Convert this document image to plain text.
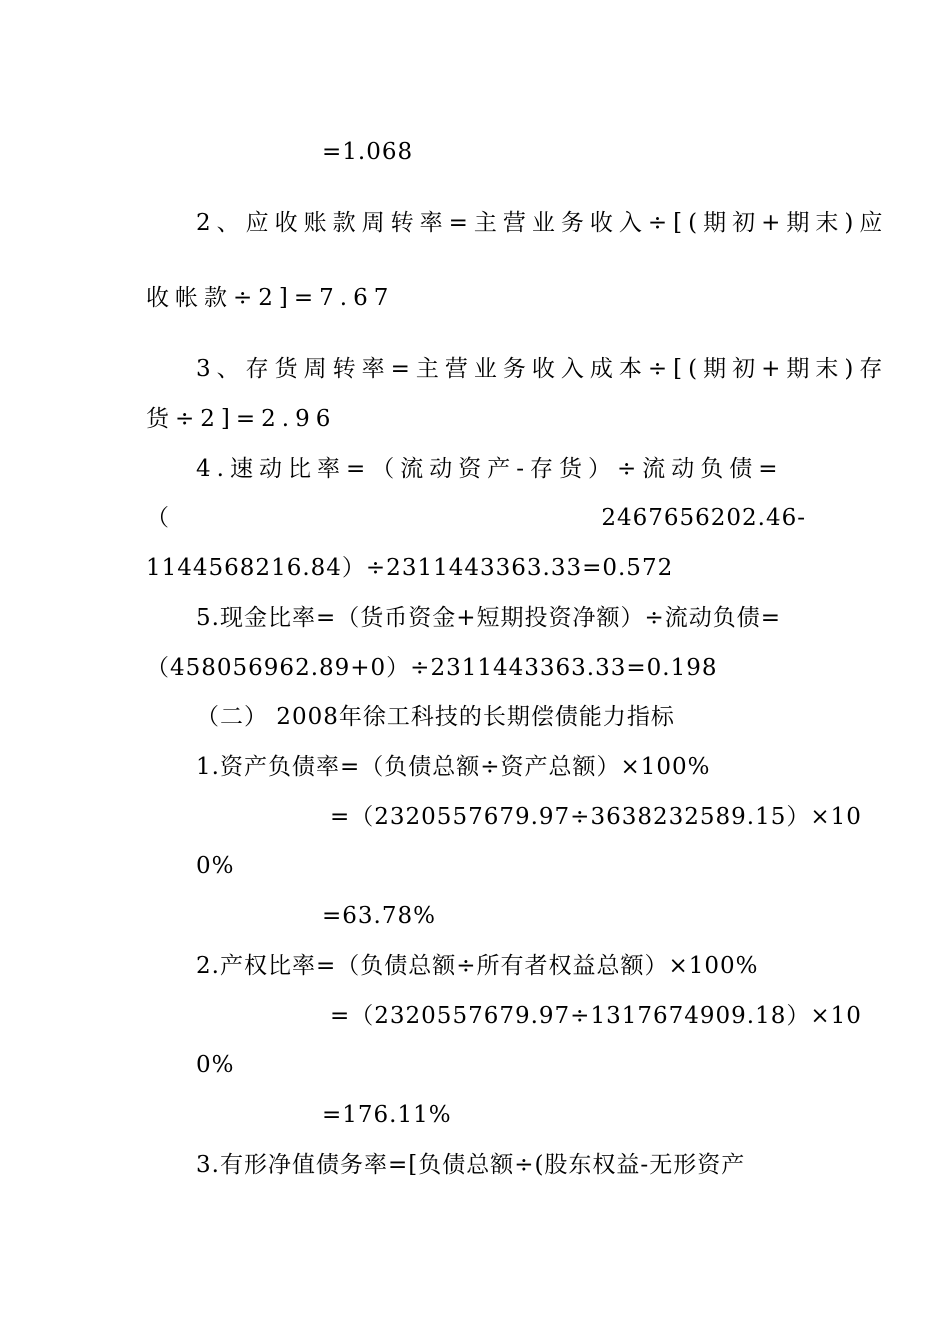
=1.068
2、应收账款周转率=主营业务收入÷[(期初+期末)应
收帐款÷2]=7.67
3、存货周转率=主营业务收入成本÷[(期初+期末)存
货÷2]=2.96
4.速动比率=（流动资产-存货）÷流动负债=
（	2467656202.46-
1144568216.84）÷2311443363.33=0.572
5.现金比率=（货币资金+短期投资净额）÷流动负债=
（458056962.89+0）÷2311443363.33=0.198
（二） 2008年徐工科技的长期偿债能力指标
1.资产负债率=（负债总额÷资产总额）×100%
=（2320557679.97÷3638232589.15）×10
0%
=63.78%
2.产权比率=（负债总额÷所有者权益总额）×100%
=（2320557679.97÷1317674909.18）×10
0%
=176.11%
3.有形净值债务率=[负债总额÷(股东权益-无形资产
